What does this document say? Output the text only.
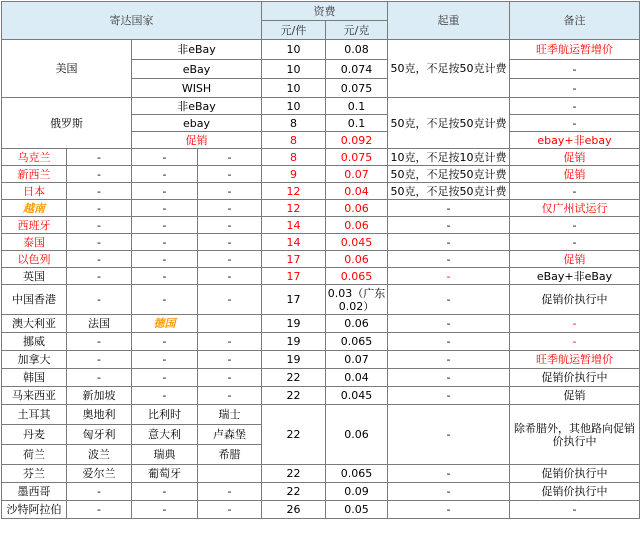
寄达国家				资费		起重	备注
				元/件	元/克		
美国		非eBay		10	0.08	50克，不足按50克计费	旺季航运暂增价
		eBay		10	0.074		-
		WISH		10	0.075		-
俄罗斯		非eBay		10	0.1	50克，不足按50克计费	-
		ebay		8	0.1		-
		促销		8	0.092		ebay+非ebay
乌克兰	-	-	-	8	0.075	10克，不足按10克计费	促销
新西兰	-	-	-	9	0.07	50克，不足按50克计费	促销
日本	-	-	-	12	0.04	50克，不足按50克计费	-
越南	-	-	-	12	0.06	-	仅广州试运行
西班牙	-	-	-	14	0.06	-	-
泰国	-	-	-	14	0.045	-	-
以色列	-	-	-	17	0.06	-	促销
英国	-	-	-	17	0.065	-	eBay+非eBay
中国香港	-	-	-	17	0.03（广东0.02）	-	促销价执行中
澳大利亚	法国	德国		19	0.06	-	-
挪威	-	-	-	19	0.065	-	-
加拿大	-	-	-	19	0.07	-	旺季航运暂增价
韩国	-	-	-	22	0.04	-	促销价执行中
马来西亚	新加坡	-	-	22	0.045	-	促销
土耳其	奥地利	比利时	瑞士	22	0.06	-	除希腊外，其他路向促销价执行中
丹麦	匈牙利	意大利	卢森堡				
荷兰	波兰	瑞典	希腊				
芬兰	爱尔兰	葡萄牙		22	0.065	-	促销价执行中
墨西哥	-	-	-	22	0.09	-	促销价执行中
沙特阿拉伯	-	-	-	26	0.05	-	-
